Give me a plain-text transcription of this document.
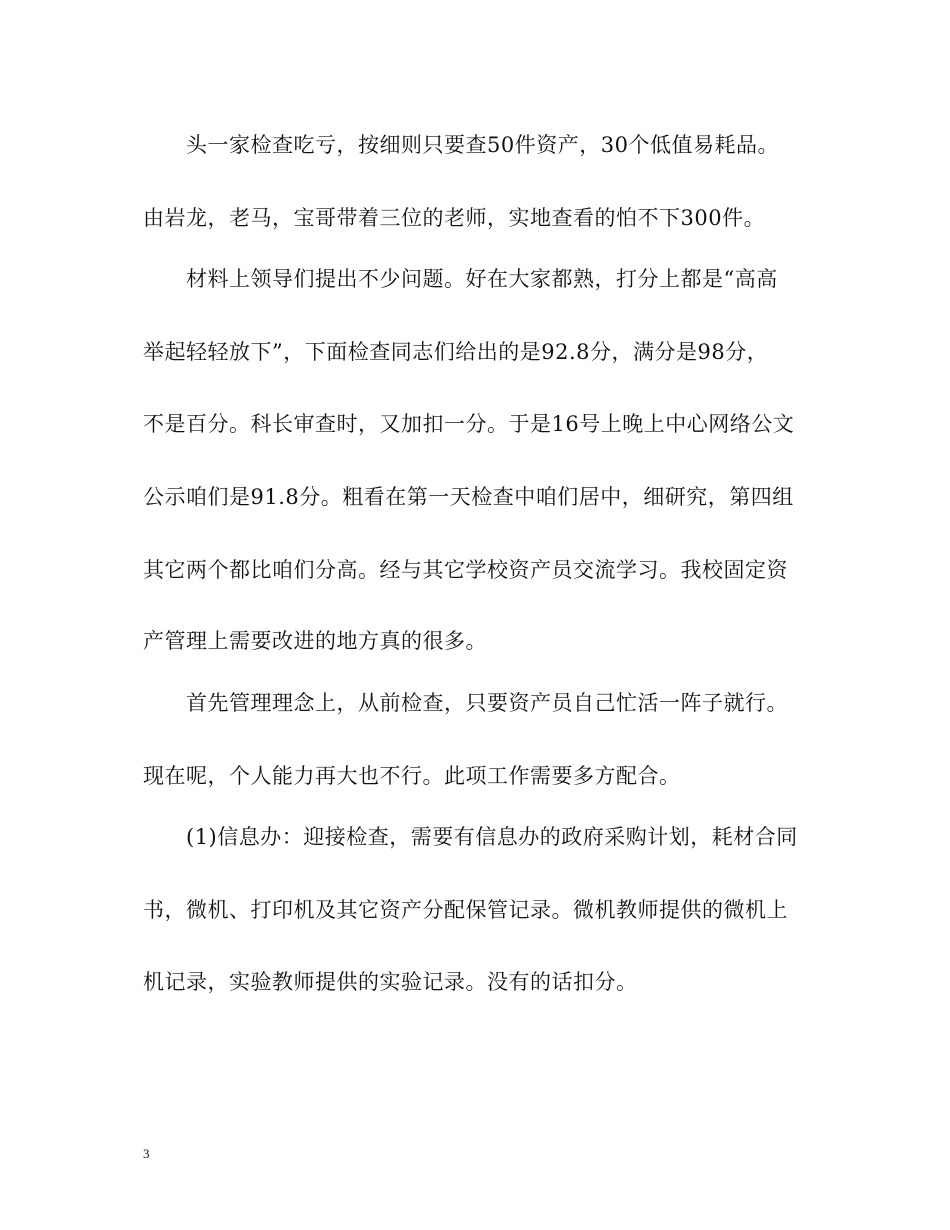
头一家检查吃亏，按细则只要查50件资产，30个低值易耗品。
由岩龙，老马，宝哥带着三位的老师，实地查看的怕不下300件。
材料上领导们提出不少问题。好在大家都熟，打分上都是“高高
举起轻轻放下”，下面检查同志们给出的是92.8分，满分是98分，
不是百分。科长审查时，又加扣一分。于是16号上晚上中心网络公文
公示咱们是91.8分。粗看在第一天检查中咱们居中，细研究，第四组
其它两个都比咱们分高。经与其它学校资产员交流学习。我校固定资
产管理上需要改进的地方真的很多。
首先管理理念上，从前检查，只要资产员自己忙活一阵子就行。
现在呢，个人能力再大也不行。此项工作需要多方配合。
(1)信息办：迎接检查，需要有信息办的政府采购计划，耗材合同
书，微机、打印机及其它资产分配保管记录。微机教师提供的微机上
机记录，实验教师提供的实验记录。没有的话扣分。
3
